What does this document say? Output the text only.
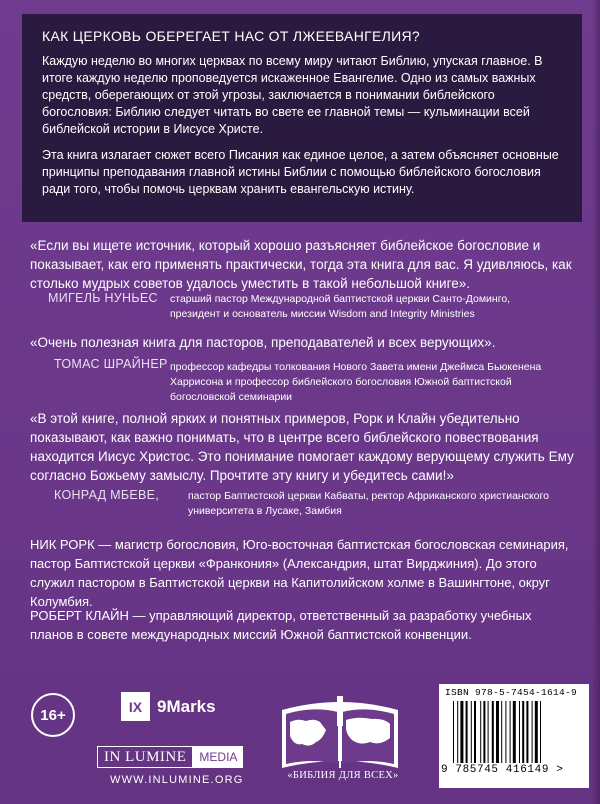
КАК ЦЕРКОВЬ ОБЕРЕГАЕТ НАС ОТ ЛЖЕЕВАНГЕЛИЯ?

Каждую неделю во многих церквах по всему миру читают Библию, упуская главное. В итоге каждую неделю проповедуется искаженное Евангелие. Одно из самых важных средств, оберегающих от этой угрозы, заключается в понимании библейского богословия: Библию следует читать во свете ее главной темы — кульминации всей библейской истории в Иисусе Христе.

Эта книга излагает сюжет всего Писания как единое целое, а затем объясняет основные принципы преподавания главной истины Библии с помощью библейского богословия ради того, чтобы помочь церквам хранить евангельскую истину.

«Если вы ищете источник, который хорошо разъясняет библейское богословие и показывает, как его применять практически, тогда эта книга для вас. Я удивляюсь, как столько мудрых советов удалось уместить в такой небольшой книге».

МИГЕЛЬ НУНЬЕС старший пастор Международной баптистской церкви Санто-Доминго, президент и основатель миссии Wisdom and Integrity Ministries

«Очень полезная книга для пасторов, преподавателей и всех верующих».

ТОМАС ШРАЙНЕР профессор кафедры толкования Нового Завета имени Джеймса Бьюкенена Харрисона и профессор библейского богословия Южной баптистской богословской семинарии

«В этой книге, полной ярких и понятных примеров, Рорк и Клайн убедительно показывают, как важно понимать, что в центре всего библейского повествования находится Иисус Христос. Это понимание помогает каждому верующему служить Ему согласно Божьему замыслу. Прочтите эту книгу и убедитесь сами!»

КОНРАД МБЕВЕ,	пастор Баптистской церкви Кабваты, ректор Африканского христианского университета в Лусаке, Замбия

НИК РОРК — магистр богословия, Юго-восточная баптистская богословская семинария, пастор Баптистской церкви «Франкония» (Александрия, штат Вирджиния). До этого служил пастором в Баптистской церкви на Капитолийском холме в Вашингтоне, округ Колумбия.

РОБЕРТ КЛАЙН — управляющий директор, ответственный за разработку учебных планов в совете международных миссий Южной баптистской конвенции.

16+	IX 9Marks
IN LUMINE	MEDIA
WWW.INLUMINE.ORG	«БИБЛИЯ ДЛЯ ВСЕХ»
ISBN 978-5-7454-1614-9
9 785745 416149 >
